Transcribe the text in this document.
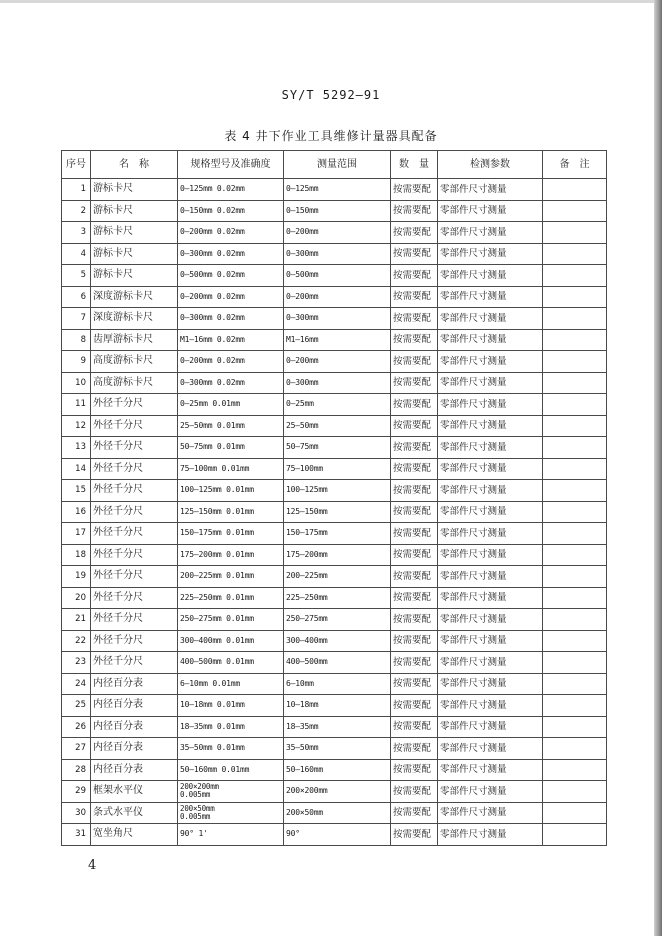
SY/T 5292—91
表 4 井下作业工具维修计量器具配备
序号	名　称	规格型号及准确度	测量范围	数　量	检测参数	备　注
1	游标卡尺	0—125mm 0.02mm	0—125mm	按需要配	零部件尺寸测量	
2	游标卡尺	0—150mm 0.02mm	0—150mm	按需要配	零部件尺寸测量	
3	游标卡尺	0—200mm 0.02mm	0—200mm	按需要配	零部件尺寸测量	
4	游标卡尺	0—300mm 0.02mm	0—300mm	按需要配	零部件尺寸测量	
5	游标卡尺	0—500mm 0.02mm	0—500mm	按需要配	零部件尺寸测量	
6	深度游标卡尺	0—200mm 0.02mm	0—200mm	按需要配	零部件尺寸测量	
7	深度游标卡尺	0—300mm 0.02mm	0—300mm	按需要配	零部件尺寸测量	
8	齿厚游标卡尺	M1—16mm 0.02mm	M1—16mm	按需要配	零部件尺寸测量	
9	高度游标卡尺	0—200mm 0.02mm	0—200mm	按需要配	零部件尺寸测量	
10	高度游标卡尺	0—300mm 0.02mm	0—300mm	按需要配	零部件尺寸测量	
11	外径千分尺	0—25mm 0.01mm	0—25mm	按需要配	零部件尺寸测量	
12	外径千分尺	25—50mm 0.01mm	25—50mm	按需要配	零部件尺寸测量	
13	外径千分尺	50—75mm 0.01mm	50—75mm	按需要配	零部件尺寸测量	
14	外径千分尺	75—100mm 0.01mm	75—100mm	按需要配	零部件尺寸测量	
15	外径千分尺	100—125mm 0.01mm	100—125mm	按需要配	零部件尺寸测量	
16	外径千分尺	125—150mm 0.01mm	125—150mm	按需要配	零部件尺寸测量	
17	外径千分尺	150—175mm 0.01mm	150—175mm	按需要配	零部件尺寸测量	
18	外径千分尺	175—200mm 0.01mm	175—200mm	按需要配	零部件尺寸测量	
19	外径千分尺	200—225mm 0.01mm	200—225mm	按需要配	零部件尺寸测量	
20	外径千分尺	225—250mm 0.01mm	225—250mm	按需要配	零部件尺寸测量	
21	外径千分尺	250—275mm 0.01mm	250—275mm	按需要配	零部件尺寸测量	
22	外径千分尺	300—400mm 0.01mm	300—400mm	按需要配	零部件尺寸测量	
23	外径千分尺	400—500mm 0.01mm	400—500mm	按需要配	零部件尺寸测量	
24	内径百分表	6—10mm 0.01mm	6—10mm	按需要配	零部件尺寸测量	
25	内径百分表	10—18mm 0.01mm	10—18mm	按需要配	零部件尺寸测量	
26	内径百分表	18—35mm 0.01mm	18—35mm	按需要配	零部件尺寸测量	
27	内径百分表	35—50mm 0.01mm	35—50mm	按需要配	零部件尺寸测量	
28	内径百分表	50—160mm 0.01mm	50—160mm	按需要配	零部件尺寸测量	
29	框架水平仪	200×200mm
0.005mm	200×200mm	按需要配	零部件尺寸测量	
30	条式水平仪	200×50mm
0.005mm	200×50mm	按需要配	零部件尺寸测量	
31	宽坐角尺	90° 1'	90°	按需要配	零部件尺寸测量	
4
